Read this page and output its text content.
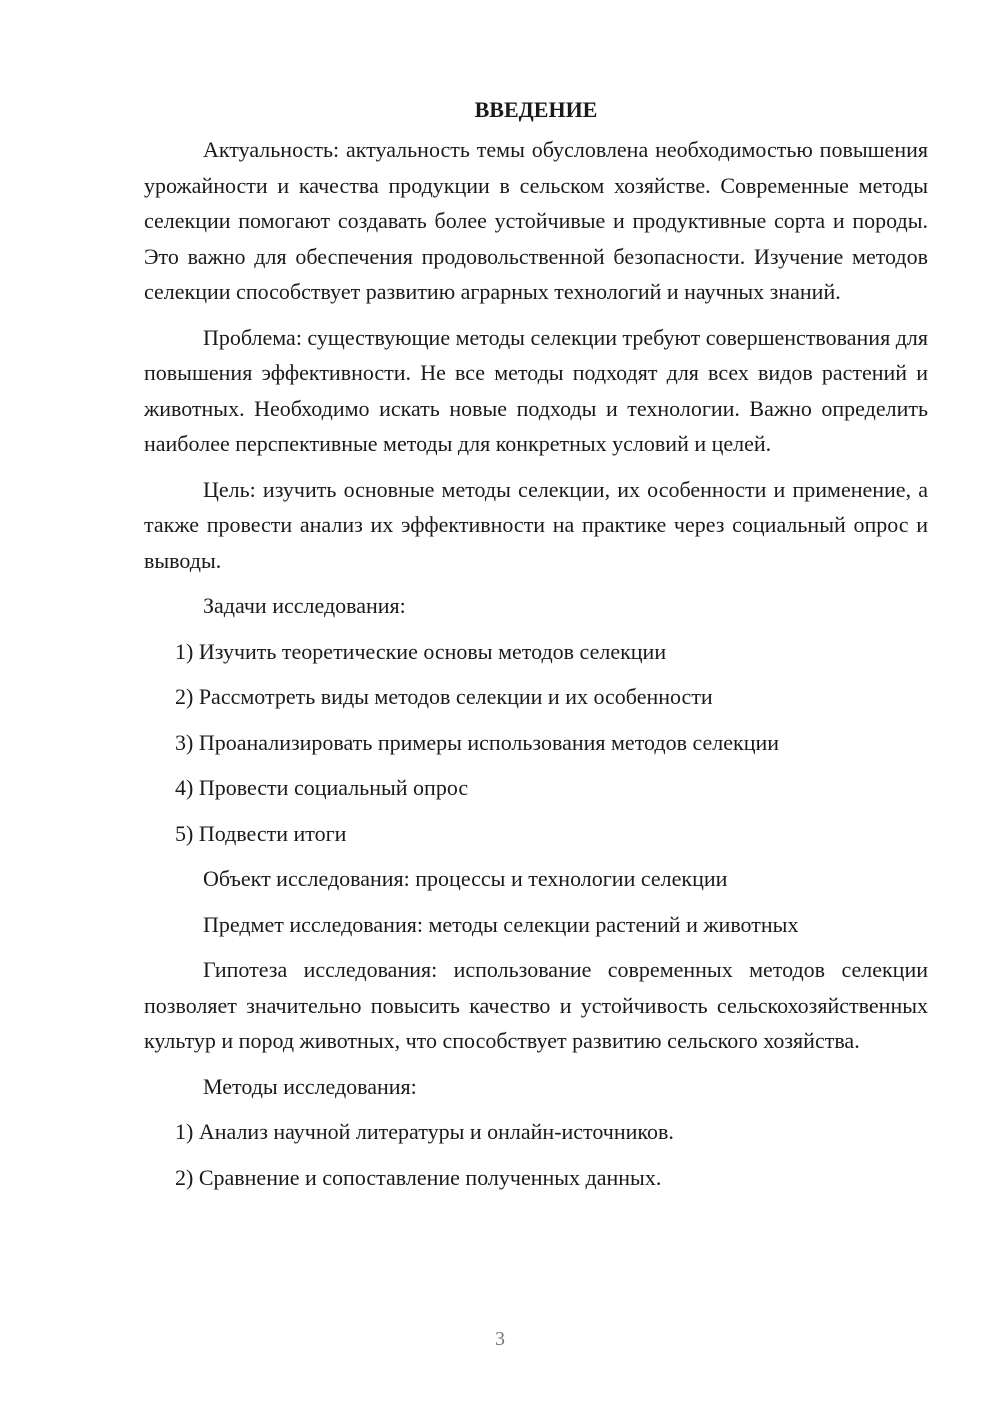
ВВЕДЕНИЕ

Актуальность: актуальность темы обусловлена необходимостью повышения урожайности и качества продукции в сельском хозяйстве. Современные методы селекции помогают создавать более устойчивые и продуктивные сорта и породы. Это важно для обеспечения продовольственной безопасности. Изучение методов селекции способствует развитию аграрных технологий и научных знаний.

Проблема: существующие методы селекции требуют совершенствования для повышения эффективности. Не все методы подходят для всех видов растений и животных. Необходимо искать новые подходы и технологии. Важно определить наиболее перспективные методы для конкретных условий и целей.

Цель: изучить основные методы селекции, их особенности и применение, а также провести анализ их эффективности на практике через социальный опрос и выводы.

Задачи исследования:
1) Изучить теоретические основы методов селекции
2) Рассмотреть виды методов селекции и их особенности
3) Проанализировать примеры использования методов селекции
4) Провести социальный опрос
5) Подвести итоги
Объект исследования: процессы и технологии селекции
Предмет исследования: методы селекции растений и животных

Гипотеза исследования: использование современных методов селекции позволяет значительно повысить качество и устойчивость сельскохозяйственных культур и пород животных, что способствует развитию сельского хозяйства.

Методы исследования:
1) Анализ научной литературы и онлайн-источников.
2) Сравнение и сопоставление полученных данных.
3
